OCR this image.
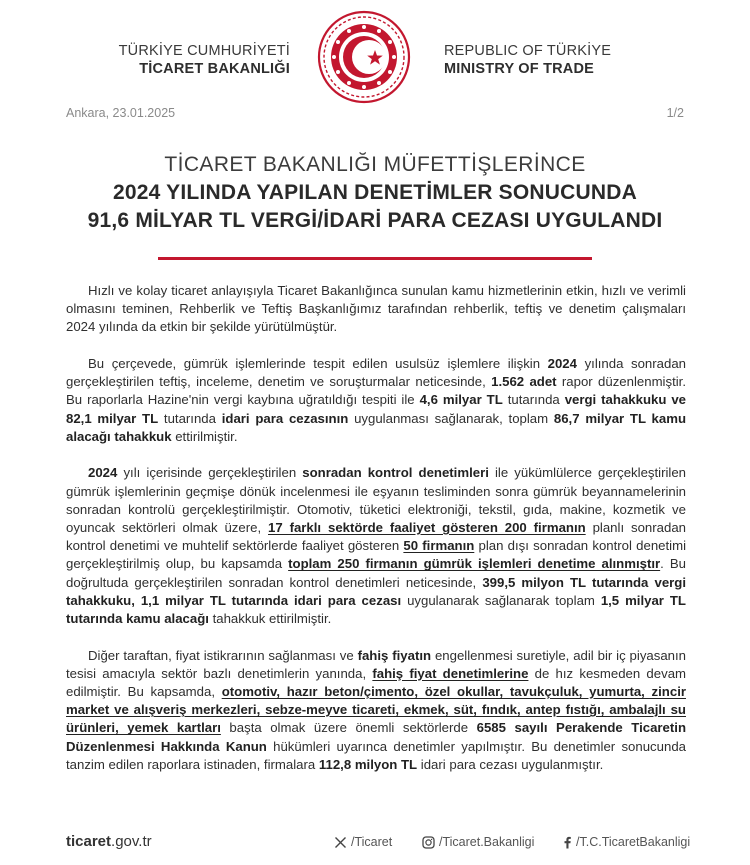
TÜRKİYE CUMHURİYETİ
TİCARET BAKANLIĞI
REPUBLIC OF TÜRKİYE
MINISTRY OF TRADE
Ankara, 23.01.2025	1/2
TİCARET BAKANLIĞI MÜFETTİŞLERİNCE
2024 YILINDA YAPILAN DENETİMLER SONUCUNDA
91,6 MİLYAR TL VERGİ/İDARİ PARA CEZASI UYGULANDI

Hızlı ve kolay ticaret anlayışıyla Ticaret Bakanlığınca sunulan kamu hizmetlerinin etkin, hızlı ve verimli olmasını teminen, Rehberlik ve Teftiş Başkanlığımız tarafından rehberlik, teftiş ve denetim çalışmaları 2024 yılında da etkin bir şekilde yürütülmüştür.

Bu çerçevede, gümrük işlemlerinde tespit edilen usulsüz işlemlere ilişkin 2024 yılında sonradan gerçekleştirilen teftiş, inceleme, denetim ve soruşturmalar neticesinde, 1.562 adet rapor düzenlenmiştir. Bu raporlarla Hazine'nin vergi kaybına uğratıldığı tespiti ile 4,6 milyar TL tutarında vergi tahakkuku ve 82,1 milyar TL tutarında idari para cezasının uygulanması sağlanarak, toplam 86,7 milyar TL kamu alacağı tahakkuk ettirilmiştir.

2024 yılı içerisinde gerçekleştirilen sonradan kontrol denetimleri ile yükümlülerce gerçekleştirilen gümrük işlemlerinin geçmişe dönük incelenmesi ile eşyanın tesliminden sonra gümrük beyannamelerinin sonradan kontrolü gerçekleştirilmiştir. Otomotiv, tüketici elektroniği, tekstil, gıda, makine, kozmetik ve oyuncak sektörleri olmak üzere, 17 farklı sektörde faaliyet gösteren 200 firmanın planlı sonradan kontrol denetimi ve muhtelif sektörlerde faaliyet gösteren 50 firmanın plan dışı sonradan kontrol denetimi gerçekleştirilmiş olup, bu kapsamda toplam 250 firmanın gümrük işlemleri denetime alınmıştır. Bu doğrultuda gerçekleştirilen sonradan kontrol denetimleri neticesinde, 399,5 milyon TL tutarında vergi tahakkuku, 1,1 milyar TL tutarında idari para cezası uygulanarak sağlanarak toplam 1,5 milyar TL tutarında kamu alacağı tahakkuk ettirilmiştir.

Diğer taraftan, fiyat istikrarının sağlanması ve fahiş fiyatın engellenmesi suretiyle, adil bir iç piyasanın tesisi amacıyla sektör bazlı denetimlerin yanında, fahiş fiyat denetimlerine de hız kesmeden devam edilmiştir. Bu kapsamda, otomotiv, hazır beton/çimento, özel okullar, tavukçuluk, yumurta, zincir market ve alışveriş merkezleri, sebze-meyve ticareti, ekmek, süt, fındık, antep fıstığı, ambalajlı su ürünleri, yemek kartları başta olmak üzere önemli sektörlerde 6585 sayılı Perakende Ticaretin Düzenlenmesi Hakkında Kanun hükümleri uyarınca denetimler yapılmıştır. Bu denetimler sonucunda tanzim edilen raporlara istinaden, firmalara 112,8 milyon TL idari para cezası uygulanmıştır.

ticaret.gov.tr	/Ticaret	/Ticaret.Bakanligi	/T.C.TicaretBakanligi
